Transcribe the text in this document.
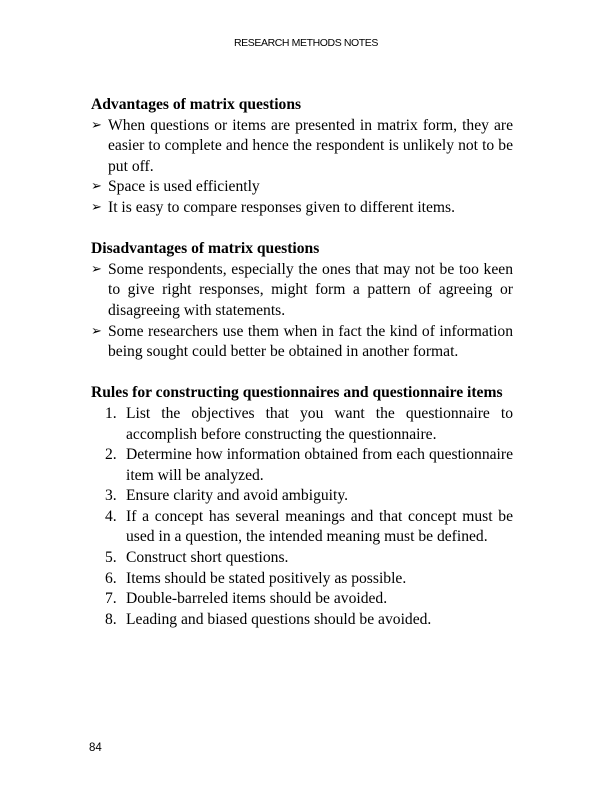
RESEARCH METHODS NOTES
Advantages of matrix questions
➢ When questions or items are presented in matrix form, they are easier to complete and hence the respondent is unlikely not to be put off.
➢ Space is used efficiently
➢ It is easy to compare responses given to different items.
Disadvantages of matrix questions
➢ Some respondents, especially the ones that may not be too keen to give right responses, might form a pattern of agreeing or disagreeing with statements.
➢ Some researchers use them when in fact the kind of information being sought could better be obtained in another format.
Rules for constructing questionnaires and questionnaire items
1. List the objectives that you want the questionnaire to accomplish before constructing the questionnaire.
2. Determine how information obtained from each questionnaire item will be analyzed.
3. Ensure clarity and avoid ambiguity.
4. If a concept has several meanings and that concept must be used in a question, the intended meaning must be defined.
5. Construct short questions.
6. Items should be stated positively as possible.
7. Double-barreled items should be avoided.
8. Leading and biased questions should be avoided.
84
